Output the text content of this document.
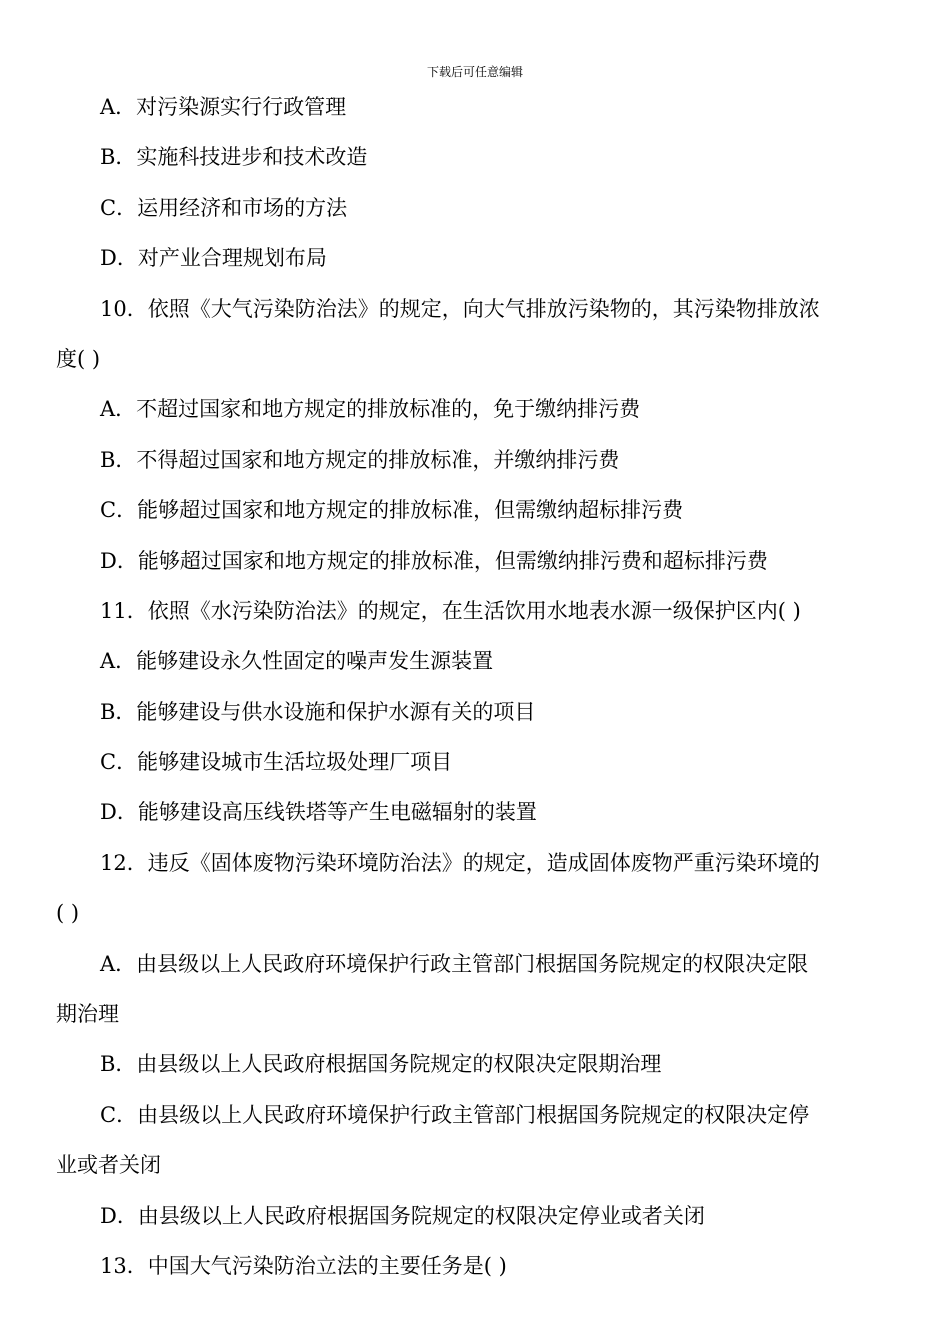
下载后可任意编辑
A．对污染源实行行政管理
B．实施科技进步和技术改造
C．运用经济和市场的方法
D．对产业合理规划布局
10．依照《大气污染防治法》的规定，向大气排放污染物的，其污染物排放浓
度( )
A．不超过国家和地方规定的排放标准的，免于缴纳排污费
B．不得超过国家和地方规定的排放标准，并缴纳排污费
C．能够超过国家和地方规定的排放标准，但需缴纳超标排污费
D．能够超过国家和地方规定的排放标准，但需缴纳排污费和超标排污费
11．依照《水污染防治法》的规定，在生活饮用水地表水源一级保护区内( )
A．能够建设永久性固定的噪声发生源装置
B．能够建设与供水设施和保护水源有关的项目
C．能够建设城市生活垃圾处理厂项目
D．能够建设高压线铁塔等产生电磁辐射的装置
12．违反《固体废物污染环境防治法》的规定，造成固体废物严重污染环境的
( )
A．由县级以上人民政府环境保护行政主管部门根据国务院规定的权限决定限
期治理
B．由县级以上人民政府根据国务院规定的权限决定限期治理
C．由县级以上人民政府环境保护行政主管部门根据国务院规定的权限决定停
业或者关闭
D．由县级以上人民政府根据国务院规定的权限决定停业或者关闭
13．中国大气污染防治立法的主要任务是( )
